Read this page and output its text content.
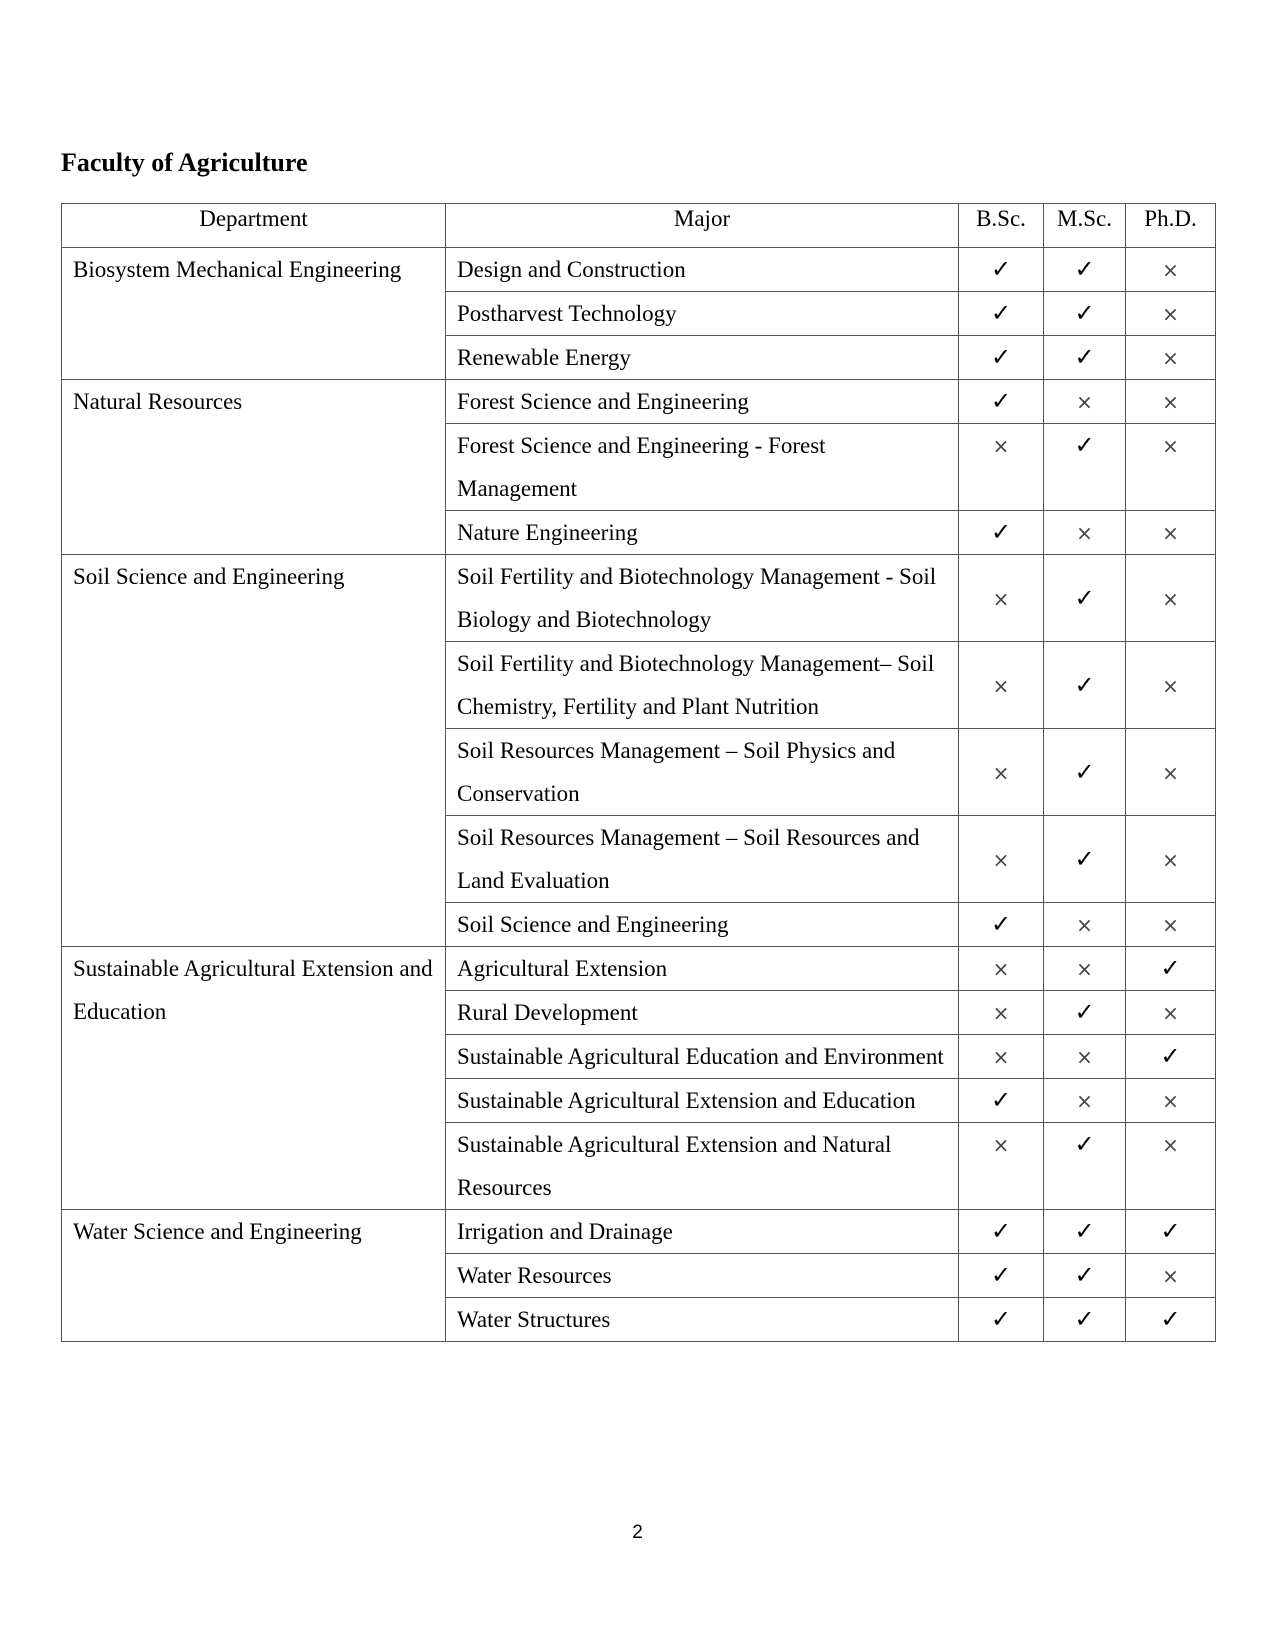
Faculty of Agriculture
Department	Major	B.Sc.	M.Sc.	Ph.D.
Biosystem Mechanical Engineering	Design and Construction	✓	✓	×
	Postharvest Technology	✓	✓	×
	Renewable Energy	✓	✓	×
Natural Resources	Forest Science and Engineering	✓	×	×
	Forest Science and Engineering - Forest Management	×	✓	×
	Nature Engineering	✓	×	×
Soil Science and Engineering	Soil Fertility and Biotechnology Management - Soil Biology and Biotechnology	×	✓	×
	Soil Fertility and Biotechnology Management– Soil Chemistry, Fertility and Plant Nutrition	×	✓	×
	Soil Resources Management – Soil Physics and Conservation	×	✓	×
	Soil Resources Management – Soil Resources and Land Evaluation	×	✓	×
	Soil Science and Engineering	✓	×	×
Sustainable Agricultural Extension and Education	Agricultural Extension	×	×	✓
	Rural Development	×	✓	×
	Sustainable Agricultural Education and Environment	×	×	✓
	Sustainable Agricultural Extension and Education	✓	×	×
	Sustainable Agricultural Extension and Natural Resources	×	✓	×
Water Science and Engineering	Irrigation and Drainage	✓	✓	✓
	Water Resources	✓	✓	×
	Water Structures	✓	✓	✓
2
